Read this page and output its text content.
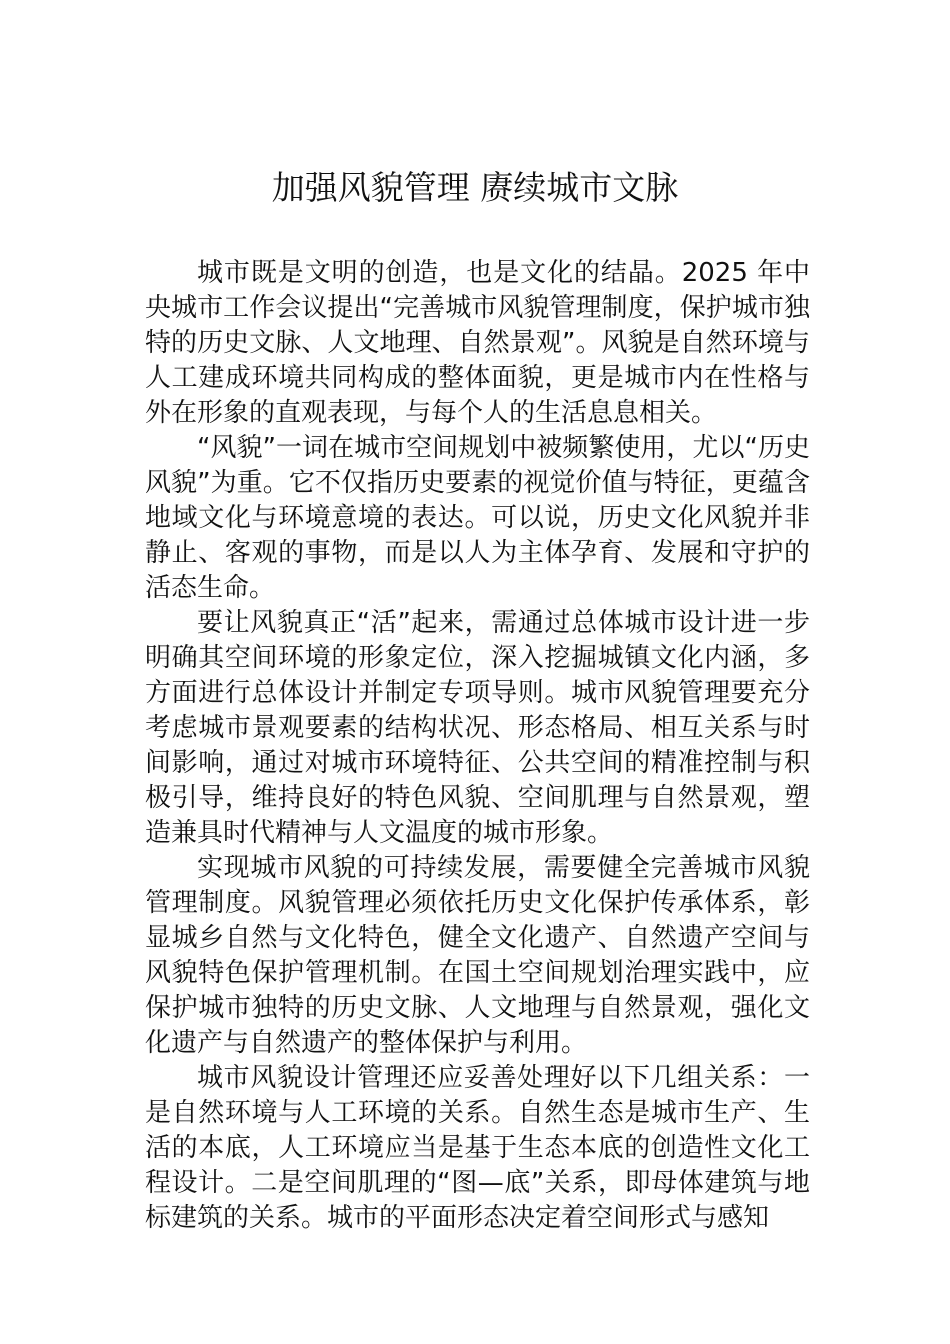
加强风貌管理 赓续城市文脉

城市既是文明的创造，也是文化的结晶。2025 年中央城市工作会议提出“完善城市风貌管理制度，保护城市独特的历史文脉、人文地理、自然景观”。风貌是自然环境与人工建成环境共同构成的整体面貌，更是城市内在性格与外在形象的直观表现，与每个人的生活息息相关。

“风貌”一词在城市空间规划中被频繁使用，尤以“历史风貌”为重。它不仅指历史要素的视觉价值与特征，更蕴含地域文化与环境意境的表达。可以说，历史文化风貌并非静止、客观的事物，而是以人为主体孕育、发展和守护的活态生命。

要让风貌真正“活”起来，需通过总体城市设计进一步明确其空间环境的形象定位，深入挖掘城镇文化内涵，多方面进行总体设计并制定专项导则。城市风貌管理要充分考虑城市景观要素的结构状况、形态格局、相互关系与时间影响，通过对城市环境特征、公共空间的精准控制与积极引导，维持良好的特色风貌、空间肌理与自然景观，塑造兼具时代精神与人文温度的城市形象。

实现城市风貌的可持续发展，需要健全完善城市风貌管理制度。风貌管理必须依托历史文化保护传承体系，彰显城乡自然与文化特色，健全文化遗产、自然遗产空间与风貌特色保护管理机制。在国土空间规划治理实践中，应保护城市独特的历史文脉、人文地理与自然景观，强化文化遗产与自然遗产的整体保护与利用。

城市风貌设计管理还应妥善处理好以下几组关系：一是自然环境与人工环境的关系。自然生态是城市生产、生活的本底，人工环境应当是基于生态本底的创造性文化工程设计。二是空间肌理的“图—底”关系，即母体建筑与地标建筑的关系。城市的平面形态决定着空间形式与感知
